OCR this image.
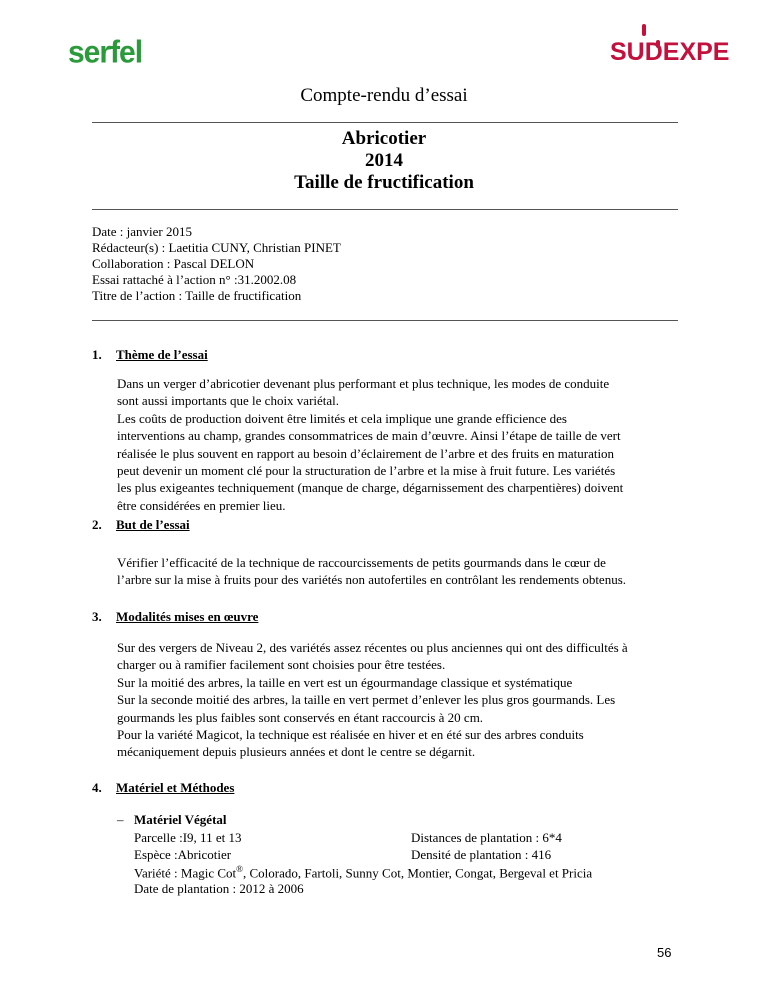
serfel	SUDEXPE
Compte-rendu d’essai
Abricotier
2014
Taille de fructification
Date : janvier 2015
Rédacteur(s) : Laetitia CUNY, Christian PINET
Collaboration : Pascal DELON
Essai rattaché à l’action n° :31.2002.08
Titre de l’action : Taille de fructification
1. Thème de l’essai

Dans un verger d’abricotier devenant plus performant et plus technique, les modes de conduite

sont aussi importants que le choix variétal.

Les coûts de production doivent être limités et cela implique une grande efficience des

interventions au champ, grandes consommatrices de main d’œuvre. Ainsi l’étape de taille de vert

réalisée le plus souvent en rapport au besoin d’éclairement de l’arbre et des fruits en maturation

peut devenir un moment clé pour la structuration de l’arbre et la mise à fruit future. Les variétés

les plus exigeantes techniquement (manque de charge, dégarnissement des charpentières) doivent

être considérées en premier lieu.

2. But de l’essai

Vérifier l’efficacité de la technique de raccourcissements de petits gourmands dans le cœur de

l’arbre sur la mise à fruits pour des variétés non autofertiles en contrôlant les rendements obtenus.

3. Modalités mises en œuvre

Sur des vergers de Niveau 2, des variétés assez récentes ou plus anciennes qui ont des difficultés à

charger ou à ramifier facilement sont choisies pour être testées.

Sur la moitié des arbres, la taille en vert est un égourmandage classique et systématique

Sur la seconde moitié des arbres, la taille en vert permet d’enlever les plus gros gourmands. Les

gourmands les plus faibles sont conservés en étant raccourcis à 20 cm.

Pour la variété Magicot, la technique est réalisée en hiver et en été sur des arbres conduits

mécaniquement depuis plusieurs années et dont le centre se dégarnit.

4. Matériel et Méthodes
– Matériel Végétal
Parcelle :I9, 11 et 13	Distances de plantation : 6*4
Espèce :Abricotier	Densité de plantation : 416
Variété : Magic Cot®, Colorado, Fartoli, Sunny Cot, Montier, Congat, Bergeval et Pricia
Date de plantation : 2012 à 2006
56
